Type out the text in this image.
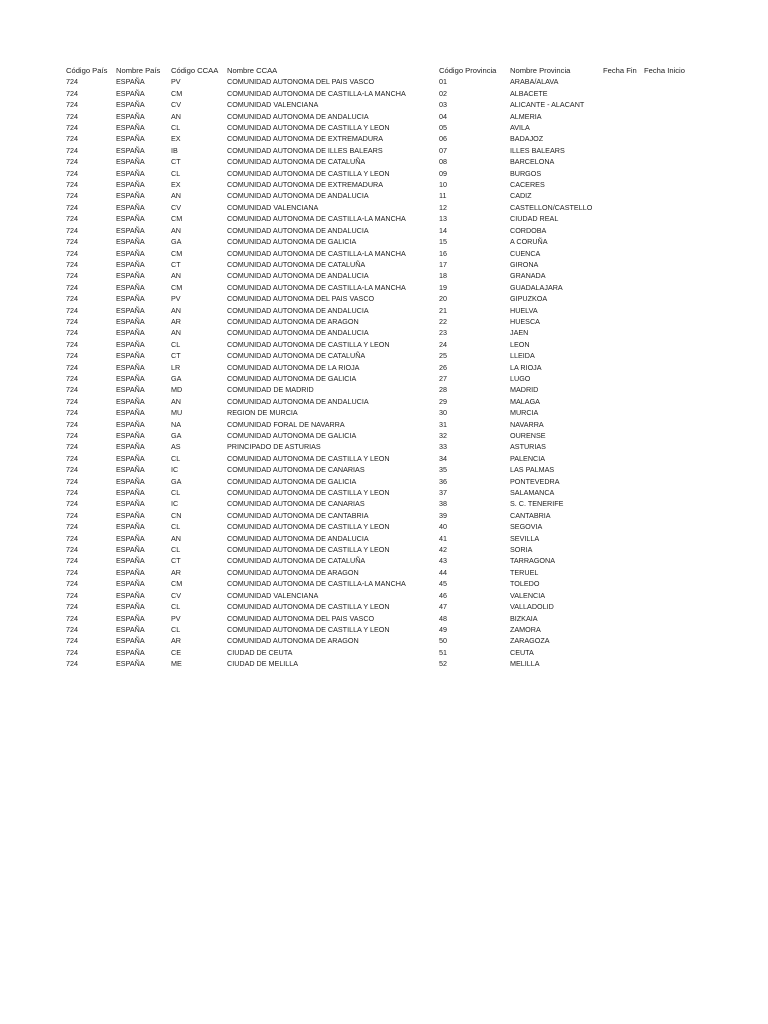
Código País	Nombre País	Código CCAA	Nombre CCAA	Código Provincia	Nombre Provincia	Fecha Fin	Fecha Inicio
724	ESPAÑA	PV	COMUNIDAD AUTONOMA DEL PAIS VASCO	01	ARABA/ALAVA		
724	ESPAÑA	CM	COMUNIDAD AUTONOMA DE CASTILLA-LA MANCHA	02	ALBACETE		
724	ESPAÑA	CV	COMUNIDAD VALENCIANA	03	ALICANTE - ALACANT		
724	ESPAÑA	AN	COMUNIDAD AUTONOMA DE ANDALUCIA	04	ALMERIA		
724	ESPAÑA	CL	COMUNIDAD AUTONOMA DE CASTILLA Y LEON	05	AVILA		
724	ESPAÑA	EX	COMUNIDAD AUTONOMA DE EXTREMADURA	06	BADAJOZ		
724	ESPAÑA	IB	COMUNIDAD AUTONOMA DE ILLES BALEARS	07	ILLES BALEARS		
724	ESPAÑA	CT	COMUNIDAD AUTONOMA DE CATALUÑA	08	BARCELONA		
724	ESPAÑA	CL	COMUNIDAD AUTONOMA DE CASTILLA Y LEON	09	BURGOS		
724	ESPAÑA	EX	COMUNIDAD AUTONOMA DE EXTREMADURA	10	CACERES		
724	ESPAÑA	AN	COMUNIDAD AUTONOMA DE ANDALUCIA	11	CADIZ		
724	ESPAÑA	CV	COMUNIDAD VALENCIANA	12	CASTELLON/CASTELLO		
724	ESPAÑA	CM	COMUNIDAD AUTONOMA DE CASTILLA-LA MANCHA	13	CIUDAD REAL		
724	ESPAÑA	AN	COMUNIDAD AUTONOMA DE ANDALUCIA	14	CORDOBA		
724	ESPAÑA	GA	COMUNIDAD AUTONOMA DE GALICIA	15	A CORUÑA		
724	ESPAÑA	CM	COMUNIDAD AUTONOMA DE CASTILLA-LA MANCHA	16	CUENCA		
724	ESPAÑA	CT	COMUNIDAD AUTONOMA DE CATALUÑA	17	GIRONA		
724	ESPAÑA	AN	COMUNIDAD AUTONOMA DE ANDALUCIA	18	GRANADA		
724	ESPAÑA	CM	COMUNIDAD AUTONOMA DE CASTILLA-LA MANCHA	19	GUADALAJARA		
724	ESPAÑA	PV	COMUNIDAD AUTONOMA DEL PAIS VASCO	20	GIPUZKOA		
724	ESPAÑA	AN	COMUNIDAD AUTONOMA DE ANDALUCIA	21	HUELVA		
724	ESPAÑA	AR	COMUNIDAD AUTONOMA DE ARAGON	22	HUESCA		
724	ESPAÑA	AN	COMUNIDAD AUTONOMA DE ANDALUCIA	23	JAEN		
724	ESPAÑA	CL	COMUNIDAD AUTONOMA DE CASTILLA Y LEON	24	LEON		
724	ESPAÑA	CT	COMUNIDAD AUTONOMA DE CATALUÑA	25	LLEIDA		
724	ESPAÑA	LR	COMUNIDAD AUTONOMA DE LA RIOJA	26	LA RIOJA		
724	ESPAÑA	GA	COMUNIDAD AUTONOMA DE GALICIA	27	LUGO		
724	ESPAÑA	MD	COMUNIDAD DE MADRID	28	MADRID		
724	ESPAÑA	AN	COMUNIDAD AUTONOMA DE ANDALUCIA	29	MALAGA		
724	ESPAÑA	MU	REGION DE MURCIA	30	MURCIA		
724	ESPAÑA	NA	COMUNIDAD FORAL DE NAVARRA	31	NAVARRA		
724	ESPAÑA	GA	COMUNIDAD AUTONOMA DE GALICIA	32	OURENSE		
724	ESPAÑA	AS	PRINCIPADO DE ASTURIAS	33	ASTURIAS		
724	ESPAÑA	CL	COMUNIDAD AUTONOMA DE CASTILLA Y LEON	34	PALENCIA		
724	ESPAÑA	IC	COMUNIDAD AUTONOMA DE CANARIAS	35	LAS PALMAS		
724	ESPAÑA	GA	COMUNIDAD AUTONOMA DE GALICIA	36	PONTEVEDRA		
724	ESPAÑA	CL	COMUNIDAD AUTONOMA DE CASTILLA Y LEON	37	SALAMANCA		
724	ESPAÑA	IC	COMUNIDAD AUTONOMA DE CANARIAS	38	S. C. TENERIFE		
724	ESPAÑA	CN	COMUNIDAD AUTONOMA DE CANTABRIA	39	CANTABRIA		
724	ESPAÑA	CL	COMUNIDAD AUTONOMA DE CASTILLA Y LEON	40	SEGOVIA		
724	ESPAÑA	AN	COMUNIDAD AUTONOMA DE ANDALUCIA	41	SEVILLA		
724	ESPAÑA	CL	COMUNIDAD AUTONOMA DE CASTILLA Y LEON	42	SORIA		
724	ESPAÑA	CT	COMUNIDAD AUTONOMA DE CATALUÑA	43	TARRAGONA		
724	ESPAÑA	AR	COMUNIDAD AUTONOMA DE ARAGON	44	TERUEL		
724	ESPAÑA	CM	COMUNIDAD AUTONOMA DE CASTILLA-LA MANCHA	45	TOLEDO		
724	ESPAÑA	CV	COMUNIDAD VALENCIANA	46	VALENCIA		
724	ESPAÑA	CL	COMUNIDAD AUTONOMA DE CASTILLA Y LEON	47	VALLADOLID		
724	ESPAÑA	PV	COMUNIDAD AUTONOMA DEL PAIS VASCO	48	BIZKAIA		
724	ESPAÑA	CL	COMUNIDAD AUTONOMA DE CASTILLA Y LEON	49	ZAMORA		
724	ESPAÑA	AR	COMUNIDAD AUTONOMA DE ARAGON	50	ZARAGOZA		
724	ESPAÑA	CE	CIUDAD DE CEUTA	51	CEUTA		
724	ESPAÑA	ME	CIUDAD DE MELILLA	52	MELILLA		
